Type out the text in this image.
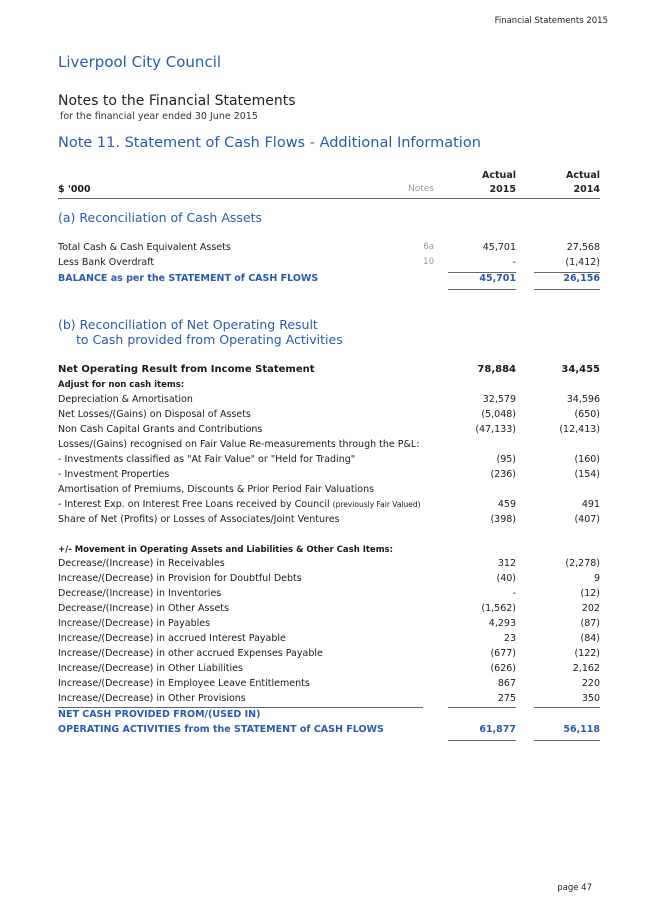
Financial Statements 2015
Liverpool City Council
Notes to the Financial Statements
for the financial year ended 30 June 2015
Note 11. Statement of Cash Flows - Additional Information
Actual	Actual
$ '000	Notes	2015	2014
(a) Reconciliation of Cash Assets
Total Cash & Cash Equivalent Assets	6a	45,701	27,568
Less Bank Overdraft	10	-	(1,412)
BALANCE as per the STATEMENT of CASH FLOWS	45,701	26,156
(b) Reconciliation of Net Operating Result
to Cash provided from Operating Activities
Net Operating Result from Income Statement	78,884	34,455
Adjust for non cash items:
Depreciation & Amortisation	32,579	34,596
Net Losses/(Gains) on Disposal of Assets	(5,048)	(650)
Non Cash Capital Grants and Contributions	(47,133)	(12,413)
Losses/(Gains) recognised on Fair Value Re-measurements through the P&L:
- Investments classified as "At Fair Value" or "Held for Trading"	(95)	(160)
- Investment Properties	(236)	(154)
Amortisation of Premiums, Discounts & Prior Period Fair Valuations
- Interest Exp. on Interest Free Loans received by Council (previously Fair Valued)	459	491
Share of Net (Profits) or Losses of Associates/Joint Ventures	(398)	(407)
+/- Movement in Operating Assets and Liabilities & Other Cash Items:
Decrease/(Increase) in Receivables	312	(2,278)
Increase/(Decrease) in Provision for Doubtful Debts	(40)	9
Decrease/(Increase) in Inventories	-	(12)
Decrease/(Increase) in Other Assets	(1,562)	202
Increase/(Decrease) in Payables	4,293	(87)
Increase/(Decrease) in accrued Interest Payable	23	(84)
Increase/(Decrease) in other accrued Expenses Payable	(677)	(122)
Increase/(Decrease) in Other Liabilities	(626)	2,162
Increase/(Decrease) in Employee Leave Entitlements	867	220
Increase/(Decrease) in Other Provisions	275	350
NET CASH PROVIDED FROM/(USED IN)
OPERATING ACTIVITIES from the STATEMENT of CASH FLOWS	61,877	56,118
page 47
